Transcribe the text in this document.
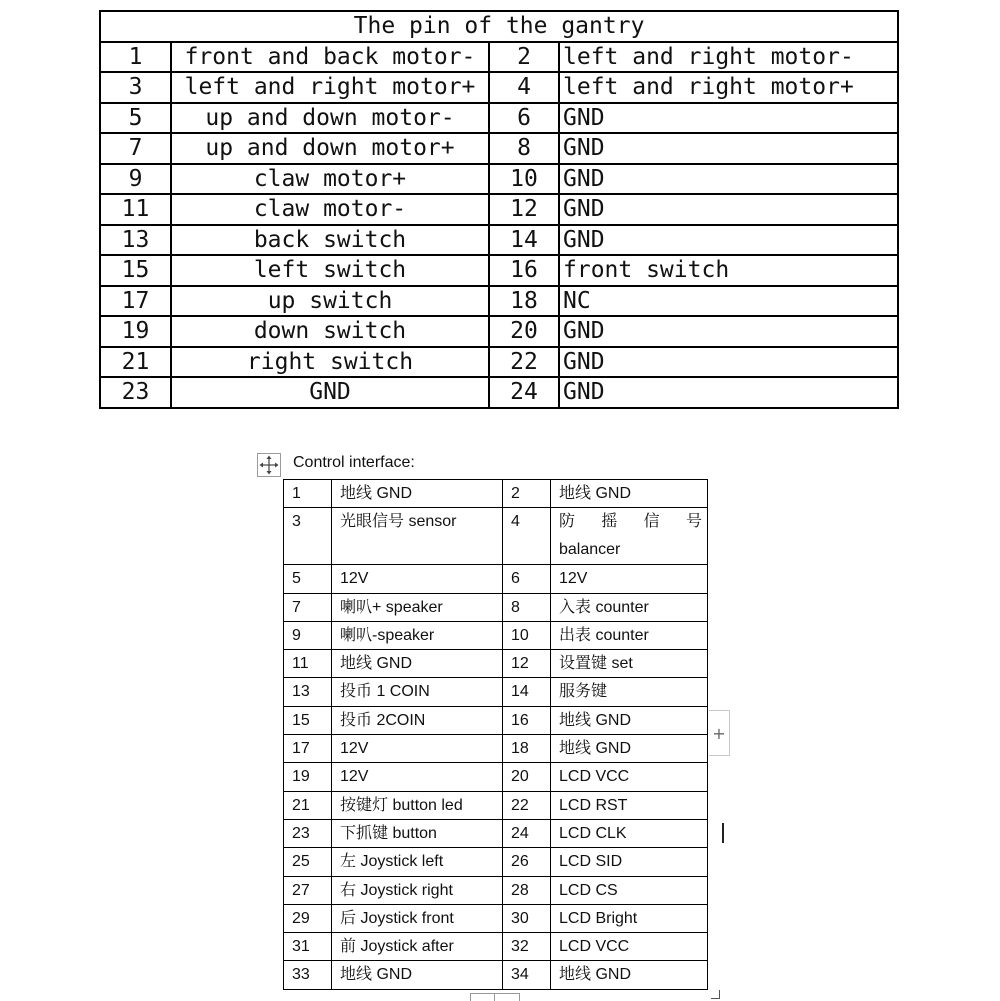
The pin of the gantry			
1	front and back motor-	2	left and right motor-
3	left and right motor+	4	left and right motor+
5	up and down motor-	6	GND
7	up and down motor+	8	GND
9	claw motor+	10	GND
11	claw motor-	12	GND
13	back switch	14	GND
15	left switch	16	front switch
17	up switch	18	NC
19	down switch	20	GND
21	right switch	22	GND
23	GND	24	GND
Control interface:
1	地线 GND	2	地线 GND
3	光眼信号 sensor	4	防 摇 信 号
balancer

5	12V	6	12V
7	喇叭+ speaker	8	入表 counter
9	喇叭-speaker	10	出表 counter
11	地线 GND	12	设置键 set
13	投币 1 COIN	14	服务键
15	投币 2COIN	16	地线 GND
17	12V	18	地线 GND
19	12V	20	LCD VCC
21	按键灯 button led	22	LCD RST
23	下抓键 button	24	LCD CLK
25	左 Joystick left	26	LCD SID
27	右 Joystick right	28	LCD CS
29	后 Joystick front	30	LCD Bright
31	前 Joystick after	32	LCD VCC
33	地线 GND	34	地线 GND
+
